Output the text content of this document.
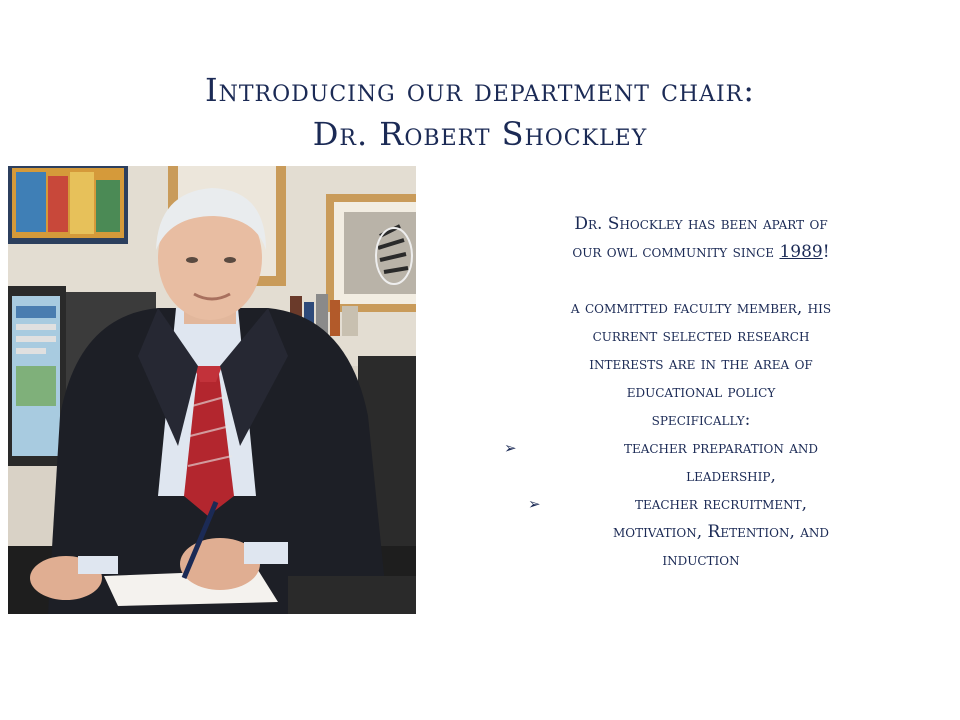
Introducing our department chair:
Dr. Robert Shockley

Dr. Shockley has been apart of

our owl community since 1989!

a committed faculty member, his

current selected research

interests are in the area of

educational policy

specifically:

➢	teacher preparation and

leadership,

➢	teacher recruitment,

motivation, Retention, and

induction
